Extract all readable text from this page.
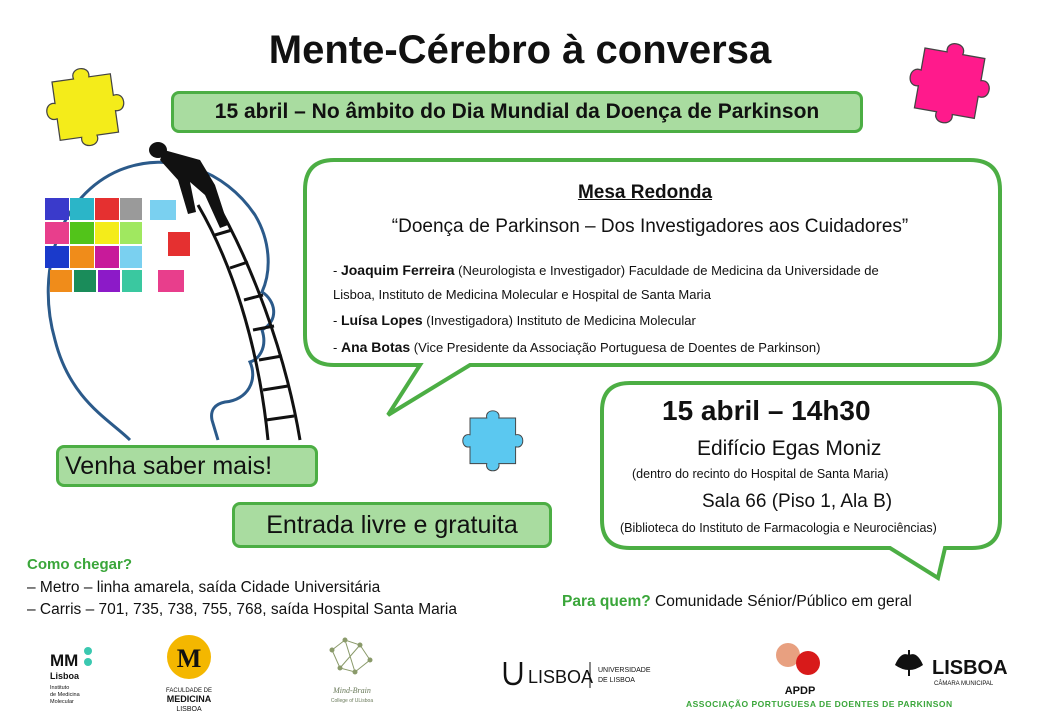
MM
Lisboa
Instituto
de Medicina
Molecular
M
FACULDADE DE
MEDICINA
LISBOA
Mind-Brain
College of ULisboa
LISBOA UNIVERSIDADE
DE LISBOA
APDP
LISBOA
CÂMARA MUNICIPAL
Mente-Cérebro à conversa
15 abril – No âmbito do Dia Mundial da Doença de Parkinson
Mesa Redonda
“Doença de Parkinson – Dos Investigadores aos Cuidadores”
- Joaquim Ferreira (Neurologista e Investigador) Faculdade de Medicina da Universidade de
Lisboa, Instituto de Medicina Molecular e Hospital de Santa Maria
- Luísa Lopes (Investigadora) Instituto de Medicina Molecular
- Ana Botas (Vice Presidente da Associação Portuguesa de Doentes de Parkinson)
15 abril – 14h30
Edifício Egas Moniz
(dentro do recinto do Hospital de Santa Maria)
Sala 66 (Piso 1, Ala B)
(Biblioteca do Instituto de Farmacologia e Neurociências)
Venha saber mais!
Entrada livre e gratuita
Como chegar?
– Metro – linha amarela, saída Cidade Universitária
– Carris – 701, 735, 738, 755, 768, saída Hospital Santa Maria	Para quem? Comunidade Sénior/Público em geral
ASSOCIAÇÃO PORTUGUESA DE DOENTES DE PARKINSON
